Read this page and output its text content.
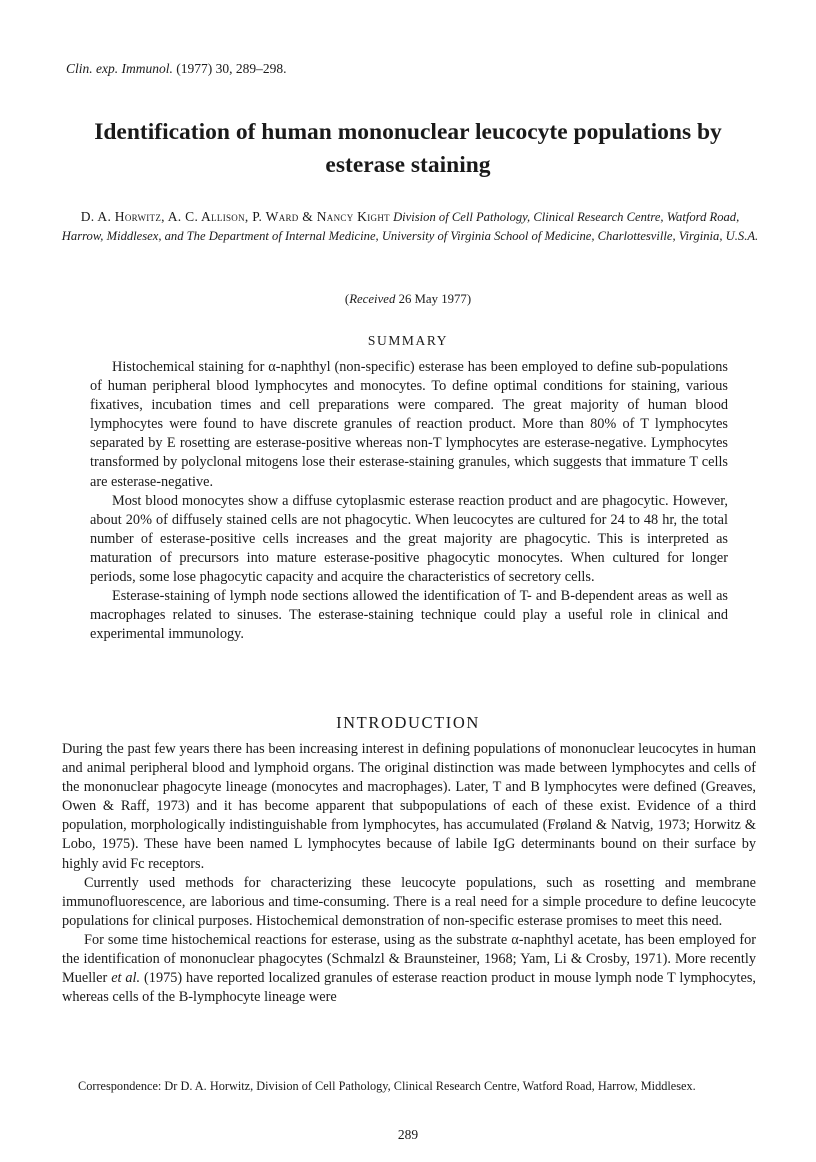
Clin. exp. Immunol. (1977) 30, 289–298.
Identification of human mononuclear leucocyte populations by esterase staining
D. A. Horwitz, A. C. Allison, P. Ward & Nancy Kight Division of Cell Pathology, Clinical Research Centre, Watford Road, Harrow, Middlesex, and The Department of Internal Medicine, University of Virginia School of Medicine, Charlottesville, Virginia, U.S.A.
(Received 26 May 1977)
SUMMARY

Histochemical staining for α-naphthyl (non-specific) esterase has been employed to define sub-populations of human peripheral blood lymphocytes and monocytes. To define optimal conditions for staining, various fixatives, incubation times and cell preparations were compared. The great majority of human blood lymphocytes were found to have discrete granules of reaction product. More than 80% of T lymphocytes separated by E rosetting are esterase-positive whereas non-T lymphocytes are esterase-negative. Lymphocytes transformed by polyclonal mitogens lose their esterase-staining granules, which suggests that immature T cells are esterase-negative.

Most blood monocytes show a diffuse cytoplasmic esterase reaction product and are phagocytic. However, about 20% of diffusely stained cells are not phagocytic. When leucocytes are cultured for 24 to 48 hr, the total number of esterase-positive cells increases and the great majority are phagocytic. This is interpreted as maturation of precursors into mature esterase-positive phagocytic monocytes. When cultured for longer periods, some lose phagocytic capacity and acquire the characteristics of secretory cells.

Esterase-staining of lymph node sections allowed the identification of T- and B-dependent areas as well as macrophages related to sinuses. The esterase-staining technique could play a useful role in clinical and experimental immunology.

INTRODUCTION

During the past few years there has been increasing interest in defining populations of mononuclear leucocytes in human and animal peripheral blood and lymphoid organs. The original distinction was made between lymphocytes and cells of the mononuclear phagocyte lineage (monocytes and macrophages). Later, T and B lymphocytes were defined (Greaves, Owen & Raff, 1973) and it has become apparent that subpopulations of each of these exist. Evidence of a third population, morphologically indistinguishable from lymphocytes, has accumulated (Frøland & Natvig, 1973; Horwitz & Lobo, 1975). These have been named L lymphocytes because of labile IgG determinants bound on their surface by highly avid Fc receptors.

Currently used methods for characterizing these leucocyte populations, such as rosetting and membrane immunofluorescence, are laborious and time-consuming. There is a real need for a simple procedure to define leucocyte populations for clinical purposes. Histochemical demonstration of non-specific esterase promises to meet this need.

For some time histochemical reactions for esterase, using as the substrate α-naphthyl acetate, has been employed for the identification of mononuclear phagocytes (Schmalzl & Braunsteiner, 1968; Yam, Li & Crosby, 1971). More recently Mueller et al. (1975) have reported localized granules of esterase reaction product in mouse lymph node T lymphocytes, whereas cells of the B-lymphocyte lineage were

Correspondence: Dr D. A. Horwitz, Division of Cell Pathology, Clinical Research Centre, Watford Road, Harrow, Middlesex.
289
